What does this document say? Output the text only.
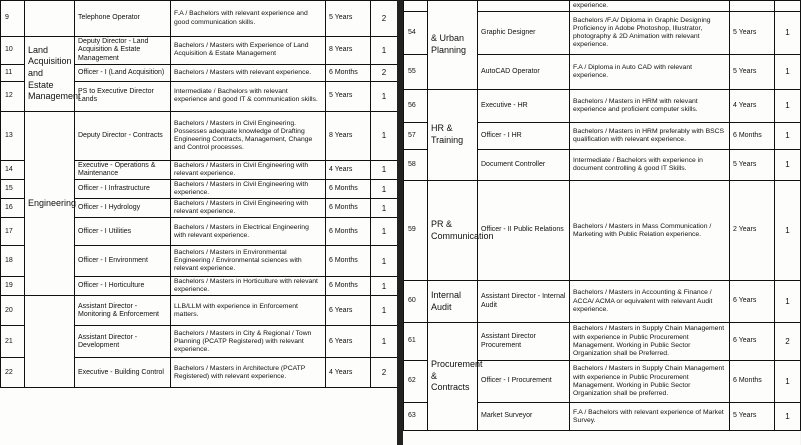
9		Telephone Operator	F.A / Bachelors with relevant experience and good communication skills.	5 Years	2
10	Land Acquisition and Estate Management	Deputy Director - Land Acquisition & Estate Management	Bachelors / Masters with Experience of Land Acquisition & Estate Management	8 Years	1
11		Officer - I (Land Acquisition)	Bachelors / Masters with relevant experience.	6 Months	2
12		PS to Executive Director Lands	Intermediate / Bachelors with relevant experience and good IT & communication skills.	5 Years	1
13	Engineering	Deputy Director - Contracts	Bachelors / Masters in Civil Engineering. Possesses adequate knowledge of Drafting Engineering Contracts, Management, Change and Control processes.	8 Years	1
14		Executive - Operations & Maintenance	Bachelors / Masters in Civil Engineering with relevant experience.	4 Years	1
15		Officer - I Infrastructure	Bachelors / Masters in Civil Engineering with experience.	6 Months	1
16		Officer - I Hydrology	Bachelors / Masters in Civil Engineering with relevant experience.	6 Months	1
17		Officer - I Utilities	Bachelors / Masters in Electrical Engineering with relevant experience.	6 Months	1
18		Officer - I Environment	Bachelors / Masters in Environmental Engineering / Environmental sciences with relevant experience.	6 Months	1
19		Officer - I Horticulture	Bachelors / Masters in Horticulture with relevant experience.	6 Months	1
20		Assistant Director - Monitoring & Enforcement	LLB/LLM with experience in Enforcement matters.	6 Years	1
21		Assistant Director - Development	Bachelors / Masters in City & Regional / Town Planning (PCATP Registered) with relevant experience.	6 Years	1
22		Executive - Building Control	Bachelors / Masters in Architecture (PCATP Registered) with relevant experience.	4 Years	2
	& Urban Planning		experience.		
54		Graphic Designer	Bachelors /F.A/ Diploma in Graphic Designing Proficiency in Adobe Photoshop, Illustrator, photography & 2D Animation with relevant experience.	5 Years	1
55		AutoCAD Operator	F.A / Diploma in Auto CAD with relevant experience.	5 Years	1
56	HR & Training	Executive - HR	Bachelors / Masters in HRM with relevant experience and proficient computer skills.	4 Years	1
57		Officer - I HR	Bachelors / Masters in HRM preferably with BSCS qualification with relevant experience.	6 Months	1
58		Document Controller	Intermediate / Bachelors with experience in document controlling & good IT Skills.	5 Years	1
59	PR & Communication	Officer - II Public Relations	Bachelors / Masters in Mass Communication / Marketing with Public Relation experience.	2 Years	1
60	Internal Audit	Assistant Director - Internal Audit	Bachelors / Masters in Accounting & Finance / ACCA/ ACMA or equivalent with relevant Audit experience.	6 Years	1
61	Procurement & Contracts	Assistant Director Procurement	Bachelors / Masters in Supply Chain Management with experience in Public Procurement Management. Working in Public Sector Organization shall be Preferred.	6 Years	2
62		Officer - I Procurement	Bachelors / Masters in Supply Chain Management with experience in Public Procurement Management. Working in Public Sector Organization shall be preferred.	6 Months	1
63		Market Surveyor	F.A / Bachelors with relevant experience of Market Survey.	5 Years	1
